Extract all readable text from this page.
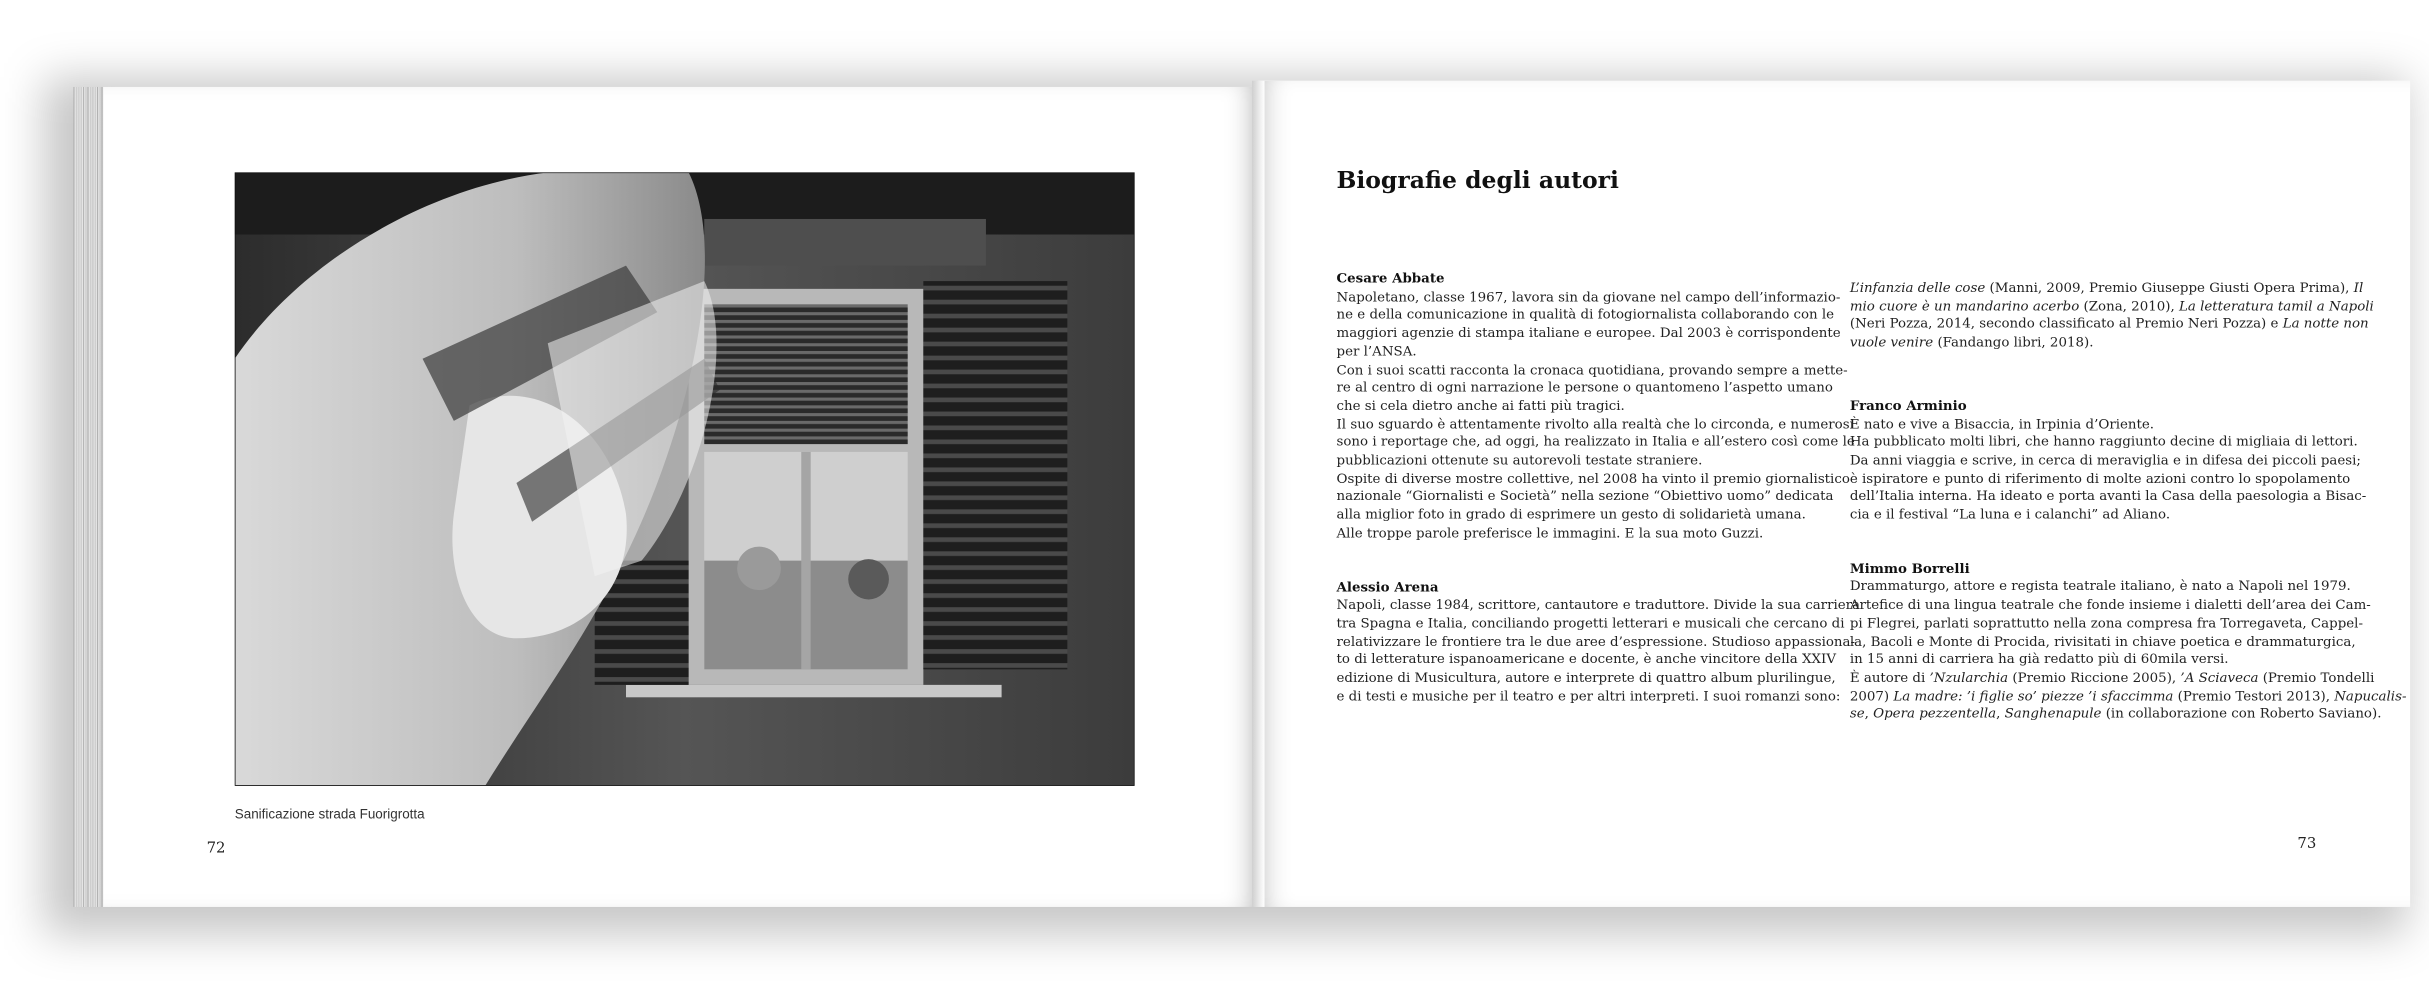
Sanificazione strada Fuorigrotta
72
Biografie degli autori

Cesare Abbate

Napoletano, classe 1967, lavora sin da giovane nel campo dell’informazio-

ne e della comunicazione in qualità di fotogiornalista collaborando con le

maggiori agenzie di stampa italiane e europee. Dal 2003 è corrispondente

per l’ANSA.

Con i suoi scatti racconta la cronaca quotidiana, provando sempre a mette-

re al centro di ogni narrazione le persone o quantomeno l’aspetto umano

che si cela dietro anche ai fatti più tragici.

Il suo sguardo è attentamente rivolto alla realtà che lo circonda, e numerosi

sono i reportage che, ad oggi, ha realizzato in Italia e all’estero così come le

pubblicazioni ottenute su autorevoli testate straniere.

Ospite di diverse mostre collettive, nel 2008 ha vinto il premio giornalistico

nazionale “Giornalisti e Società” nella sezione “Obiettivo uomo” dedicata

alla miglior foto in grado di esprimere un gesto di solidarietà umana.

Alle troppe parole preferisce le immagini. E la sua moto Guzzi.

Alessio Arena

Napoli, classe 1984, scrittore, cantautore e traduttore. Divide la sua carriera

tra Spagna e Italia, conciliando progetti letterari e musicali che cercano di

relativizzare le frontiere tra le due aree d’espressione. Studioso appassiona-

to di letterature ispanoamericane e docente, è anche vincitore della XXIV

edizione di Musicultura, autore e interprete di quattro album plurilingue,

e di testi e musiche per il teatro e per altri interpreti. I suoi romanzi sono:

L’infanzia delle cose (Manni, 2009, Premio Giuseppe Giusti Opera Prima), Il

mio cuore è un mandarino acerbo (Zona, 2010), La letteratura tamil a Napoli

(Neri Pozza, 2014, secondo classificato al Premio Neri Pozza) e La notte non

vuole venire (Fandango libri, 2018).

Franco Arminio

È nato e vive a Bisaccia, in Irpinia d’Oriente.

Ha pubblicato molti libri, che hanno raggiunto decine di migliaia di lettori.

Da anni viaggia e scrive, in cerca di meraviglia e in difesa dei piccoli paesi;

è ispiratore e punto di riferimento di molte azioni contro lo spopolamento

dell’Italia interna. Ha ideato e porta avanti la Casa della paesologia a Bisac-

cia e il festival “La luna e i calanchi” ad Aliano.

Mimmo Borrelli

Drammaturgo, attore e regista teatrale italiano, è nato a Napoli nel 1979.

Artefice di una lingua teatrale che fonde insieme i dialetti dell’area dei Cam-

pi Flegrei, parlati soprattutto nella zona compresa fra Torregaveta, Cappel-

la, Bacoli e Monte di Procida, rivisitati in chiave poetica e drammaturgica,

in 15 anni di carriera ha già redatto più di 60mila versi.

È autore di ’Nzularchia (Premio Riccione 2005), ’A Sciaveca (Premio Tondelli

2007) La madre: ’i figlie so’ piezze ’i sfaccimma (Premio Testori 2013), Napucalis-

se, Opera pezzentella, Sanghenapule (in collaborazione con Roberto Saviano).

73
